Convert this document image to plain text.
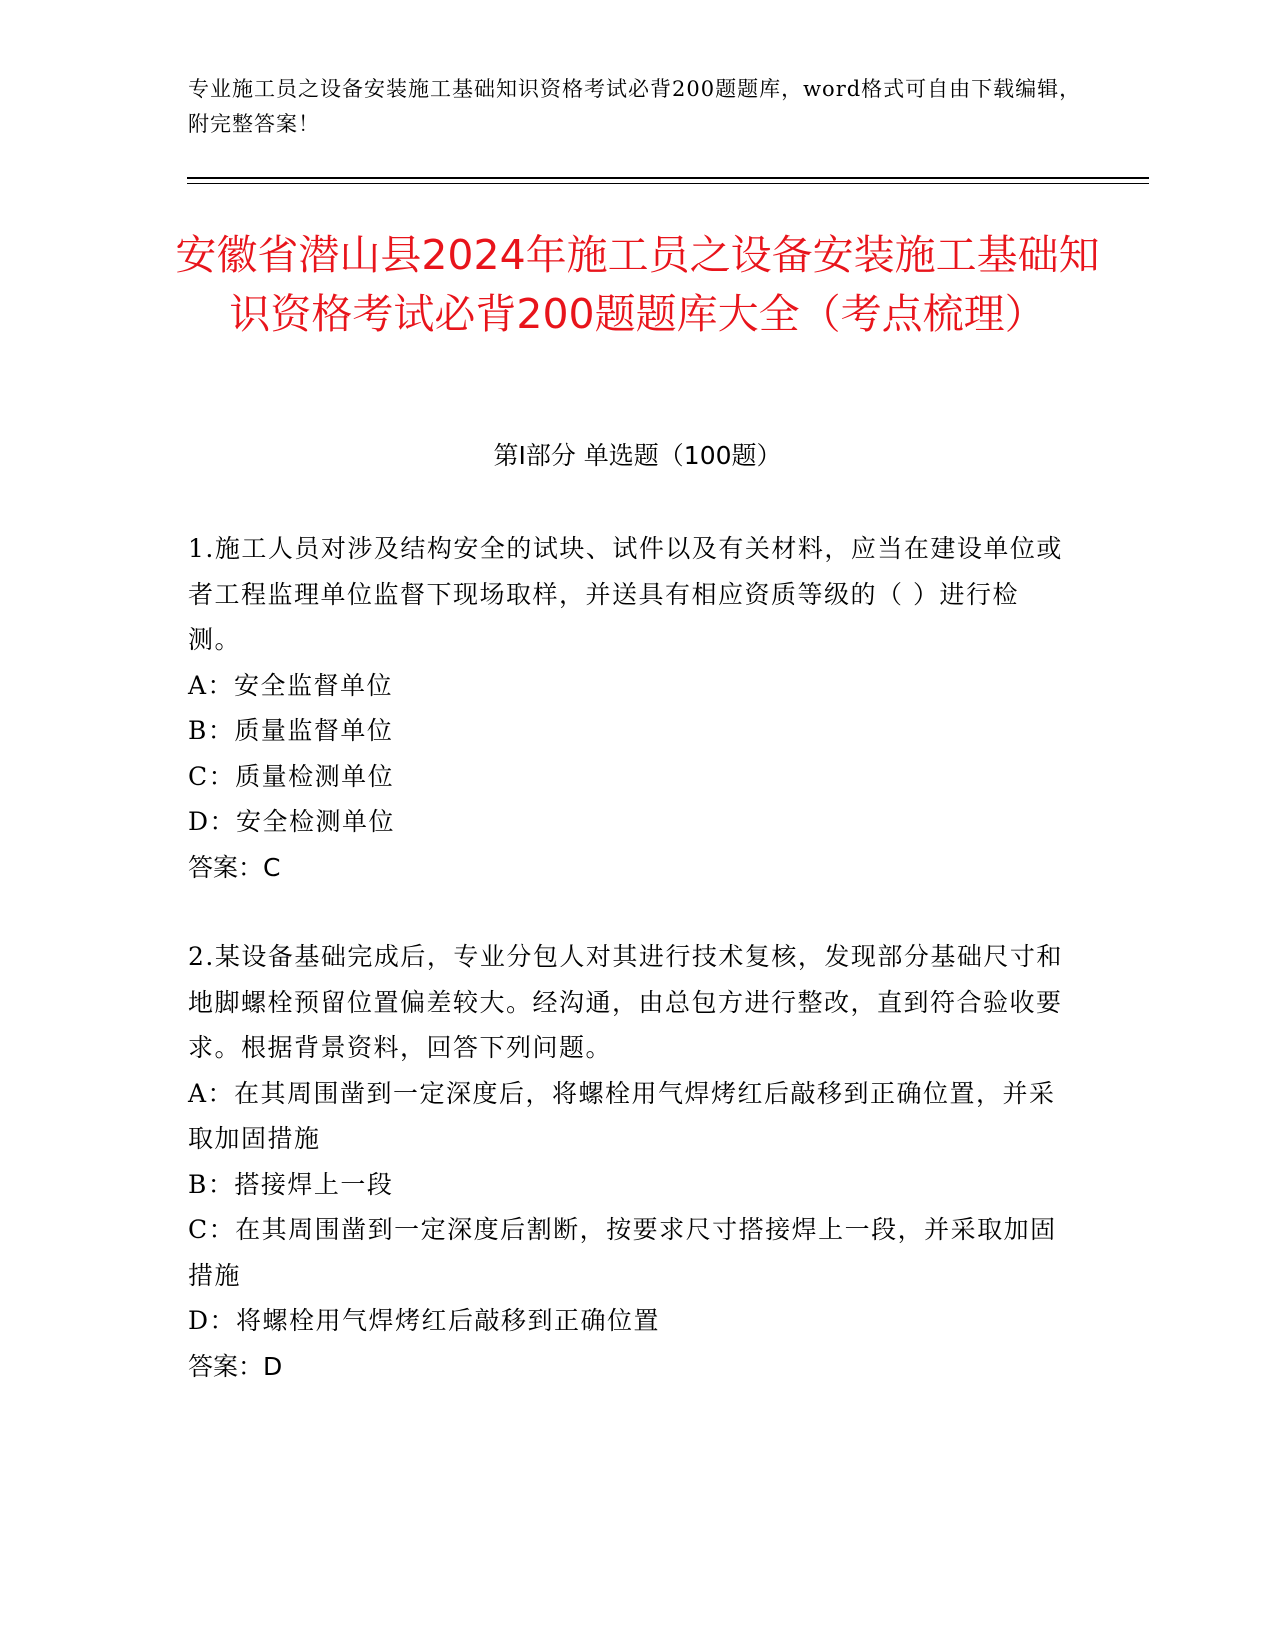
专业施工员之设备安装施工基础知识资格考试必背200题题库，word格式可自由下载编辑，附完整答案！
安徽省潜山县2024年施工员之设备安装施工基础知识资格考试必背200题题库大全（考点梳理）
第Ⅰ部分 单选题（100题）

1.施工人员对涉及结构安全的试块、试件以及有关材料，应当在建设单位或者工程监理单位监督下现场取样，并送具有相应资质等级的（ ）进行检测。

A：安全监督单位

B：质量监督单位

C：质量检测单位

D：安全检测单位

答案：C

2.某设备基础完成后，专业分包人对其进行技术复核，发现部分基础尺寸和地脚螺栓预留位置偏差较大。经沟通，由总包方进行整改，直到符合验收要求。根据背景资料，回答下列问题。

A：在其周围凿到一定深度后，将螺栓用气焊烤红后敲移到正确位置，并采取加固措施

B：搭接焊上一段

C：在其周围凿到一定深度后割断，按要求尺寸搭接焊上一段，并采取加固措施

D：将螺栓用气焊烤红后敲移到正确位置

答案：D
